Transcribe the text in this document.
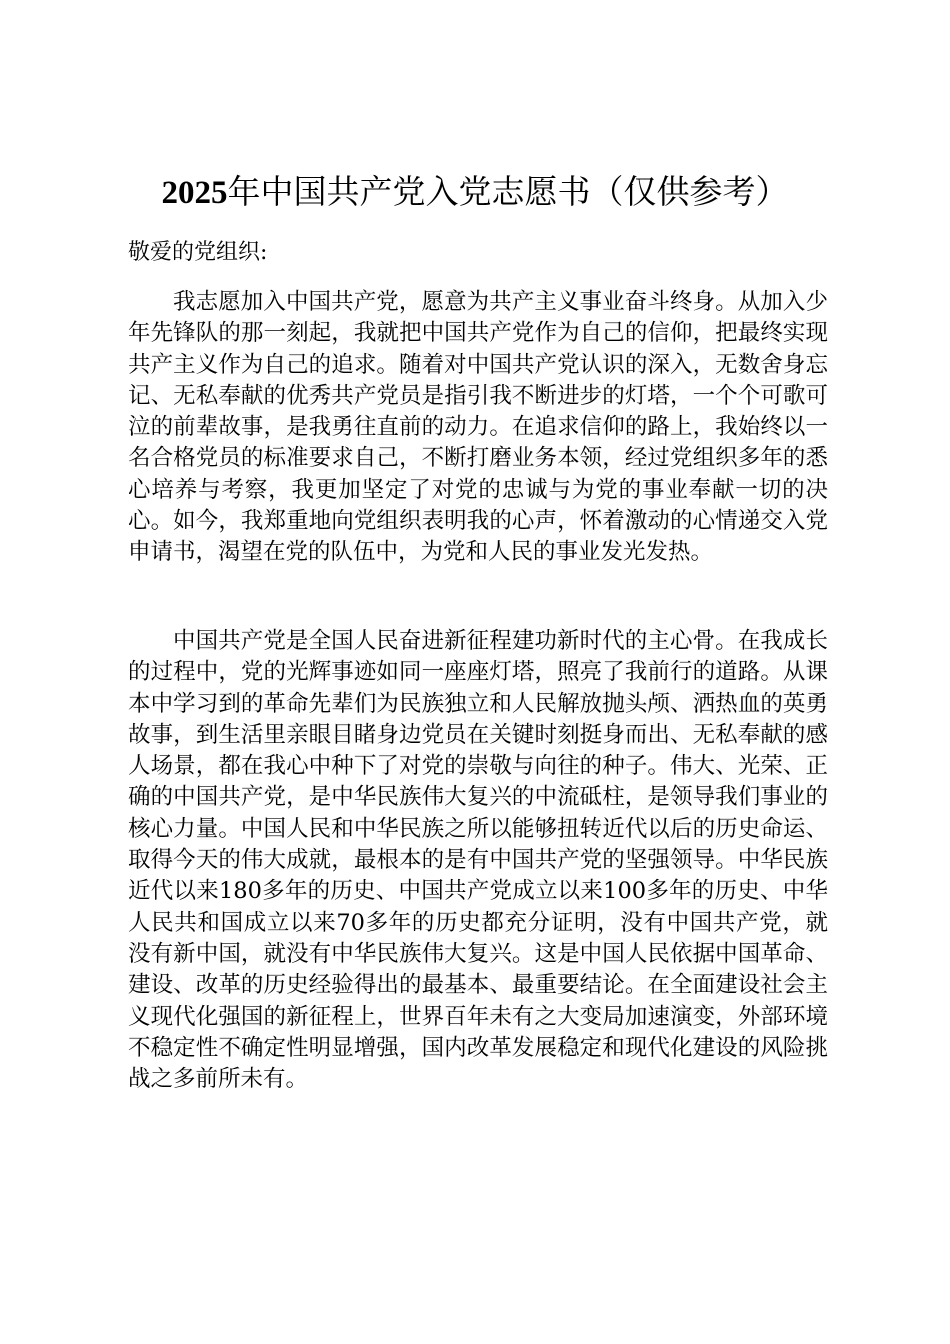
2025年中国共产党入党志愿书（仅供参考）

敬爱的党组织:

我志愿加入中国共产党，愿意为共产主义事业奋斗终身。从加入少年先锋队的那一刻起，我就把中国共产党作为自己的信仰，把最终实现共产主义作为自己的追求。随着对中国共产党认识的深入，无数舍身忘记、无私奉献的优秀共产党员是指引我不断进步的灯塔，一个个可歌可泣的前辈故事，是我勇往直前的动力。在追求信仰的路上，我始终以一名合格党员的标准要求自己，不断打磨业务本领，经过党组织多年的悉心培养与考察，我更加坚定了对党的忠诚与为党的事业奉献一切的决心。如今，我郑重地向党组织表明我的心声，怀着激动的心情递交入党申请书，渴望在党的队伍中，为党和人民的事业发光发热。

中国共产党是全国人民奋进新征程建功新时代的主心骨。在我成长的过程中，党的光辉事迹如同一座座灯塔，照亮了我前行的道路。从课本中学习到的革命先辈们为民族独立和人民解放抛头颅、洒热血的英勇故事，到生活里亲眼目睹身边党员在关键时刻挺身而出、无私奉献的感人场景，都在我心中种下了对党的崇敬与向往的种子。伟大、光荣、正确的中国共产党，是中华民族伟大复兴的中流砥柱，是领导我们事业的核心力量。中国人民和中华民族之所以能够扭转近代以后的历史命运、取得今天的伟大成就，最根本的是有中国共产党的坚强领导。中华民族近代以来180多年的历史、中国共产党成立以来100多年的历史、中华人民共和国成立以来70多年的历史都充分证明，没有中国共产党，就没有新中国，就没有中华民族伟大复兴。这是中国人民依据中国革命、建设、改革的历史经验得出的最基本、最重要结论。在全面建设社会主义现代化强国的新征程上，世界百年未有之大变局加速演变，外部环境不稳定性不确定性明显增强，国内改革发展稳定和现代化建设的风险挑战之多前所未有。
